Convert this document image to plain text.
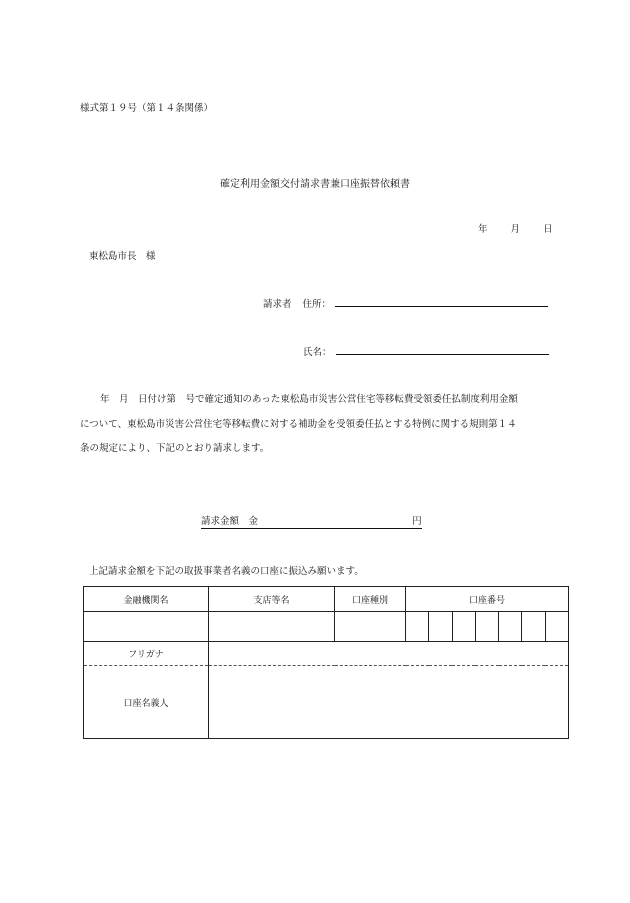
様式第１９号（第１４条関係）
確定利用金額交付請求書兼口座振替依頼書
年 月 日
東松島市長　様
請求者 住所：
氏名：
年　月　日付け第　号で確定通知のあった東松島市災害公営住宅等移転費受領委任払制度利用金額
について、東松島市災害公営住宅等移転費に対する補助金を受領委任払とする特例に関する規則第１４
条の規定により、下記のとおり請求します。
請求金額　金	円
上記請求金額を下記の取扱事業者名義の口座に振込み願います。
金融機関名	支店等名	口座種別	口座番号						

フリガナ									
口座名義人									
